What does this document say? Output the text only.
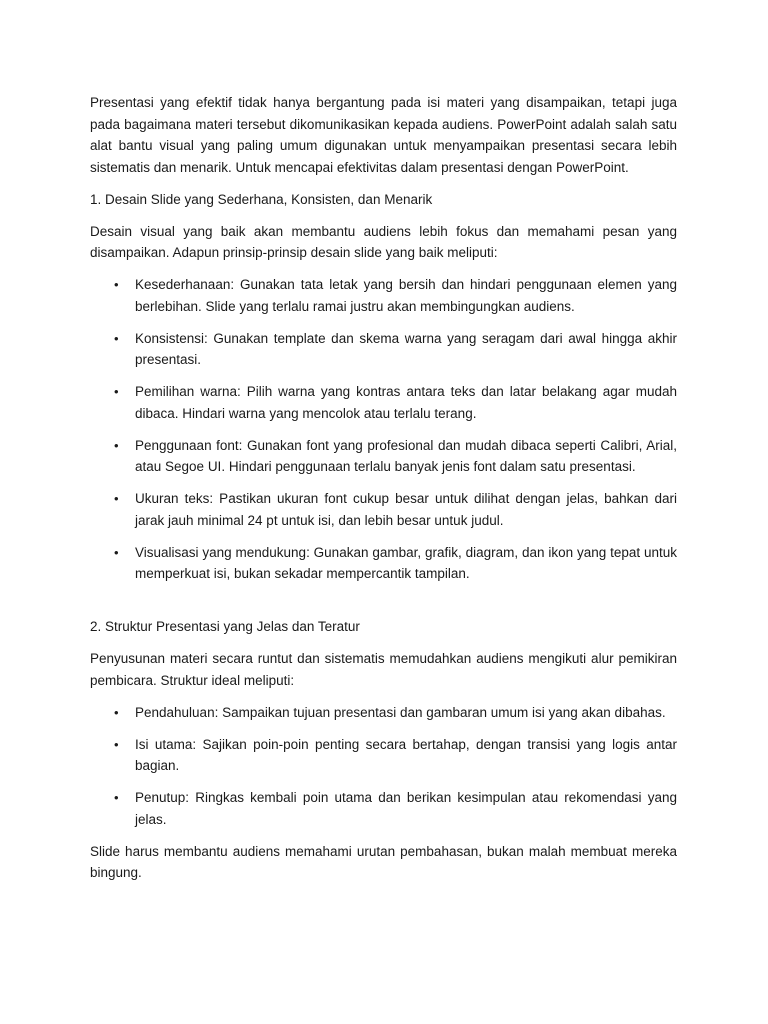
Presentasi yang efektif tidak hanya bergantung pada isi materi yang disampaikan, tetapi juga pada bagaimana materi tersebut dikomunikasikan kepada audiens. PowerPoint adalah salah satu alat bantu visual yang paling umum digunakan untuk menyampaikan presentasi secara lebih sistematis dan menarik. Untuk mencapai efektivitas dalam presentasi dengan PowerPoint.

1. Desain Slide yang Sederhana, Konsisten, dan Menarik

Desain visual yang baik akan membantu audiens lebih fokus dan memahami pesan yang disampaikan. Adapun prinsip-prinsip desain slide yang baik meliputi:

• Kesederhanaan: Gunakan tata letak yang bersih dan hindari penggunaan elemen yang berlebihan. Slide yang terlalu ramai justru akan membingungkan audiens.
• Konsistensi: Gunakan template dan skema warna yang seragam dari awal hingga akhir presentasi.
• Pemilihan warna: Pilih warna yang kontras antara teks dan latar belakang agar mudah dibaca. Hindari warna yang mencolok atau terlalu terang.
• Penggunaan font: Gunakan font yang profesional dan mudah dibaca seperti Calibri, Arial, atau Segoe UI. Hindari penggunaan terlalu banyak jenis font dalam satu presentasi.
• Ukuran teks: Pastikan ukuran font cukup besar untuk dilihat dengan jelas, bahkan dari jarak jauh minimal 24 pt untuk isi, dan lebih besar untuk judul.
• Visualisasi yang mendukung: Gunakan gambar, grafik, diagram, dan ikon yang tepat untuk memperkuat isi, bukan sekadar mempercantik tampilan.

2. Struktur Presentasi yang Jelas dan Teratur

Penyusunan materi secara runtut dan sistematis memudahkan audiens mengikuti alur pemikiran pembicara. Struktur ideal meliputi:

• Pendahuluan: Sampaikan tujuan presentasi dan gambaran umum isi yang akan dibahas.
• Isi utama: Sajikan poin-poin penting secara bertahap, dengan transisi yang logis antar bagian.
• Penutup: Ringkas kembali poin utama dan berikan kesimpulan atau rekomendasi yang jelas.

Slide harus membantu audiens memahami urutan pembahasan, bukan malah membuat mereka bingung.
